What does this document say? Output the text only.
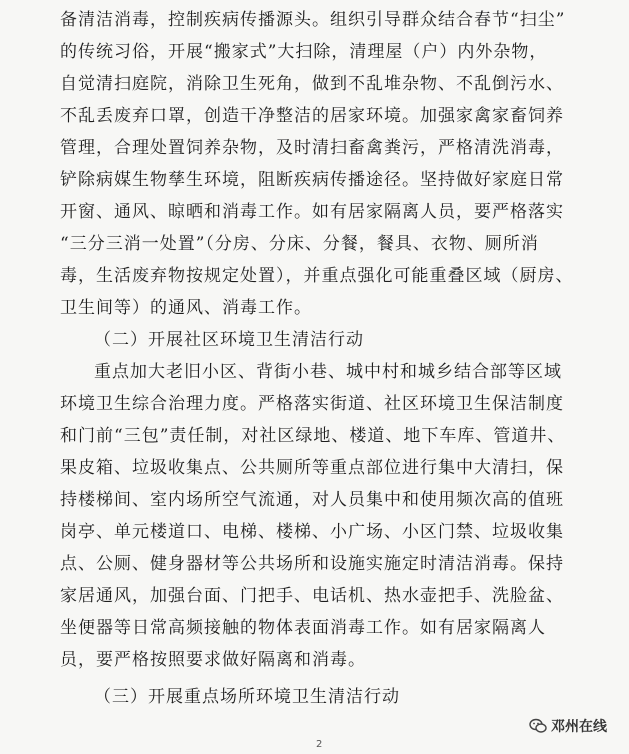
备清洁消毒，控制疾病传播源头。组织引导群众结合春节“扫尘”
的传统习俗，开展“搬家式”大扫除，清理屋（户）内外杂物，
自觉清扫庭院，消除卫生死角，做到不乱堆杂物、不乱倒污水、
不乱丢废弃口罩，创造干净整洁的居家环境。加强家禽家畜饲养
管理，合理处置饲养杂物，及时清扫畜禽粪污，严格清洗消毒，
铲除病媒生物孳生环境，阻断疾病传播途径。坚持做好家庭日常
开窗、通风、晾晒和消毒工作。如有居家隔离人员，要严格落实
“三分三消一处置”（分房、分床、分餐，餐具、衣物、厕所消
毒，生活废弃物按规定处置），并重点强化可能重叠区域（厨房、
卫生间等）的通风、消毒工作。
（二）开展社区环境卫生清洁行动
重点加大老旧小区、背街小巷、城中村和城乡结合部等区域
环境卫生综合治理力度。严格落实街道、社区环境卫生保洁制度
和门前“三包”责任制，对社区绿地、楼道、地下车库、管道井、
果皮箱、垃圾收集点、公共厕所等重点部位进行集中大清扫，保
持楼梯间、室内场所空气流通，对人员集中和使用频次高的值班
岗亭、单元楼道口、电梯、楼梯、小广场、小区门禁、垃圾收集
点、公厕、健身器材等公共场所和设施实施定时清洁消毒。保持
家居通风，加强台面、门把手、电话机、热水壶把手、洗脸盆、
坐便器等日常高频接触的物体表面消毒工作。如有居家隔离人
员，要严格按照要求做好隔离和消毒。
（三）开展重点场所环境卫生清洁行动
2
邓州在线
